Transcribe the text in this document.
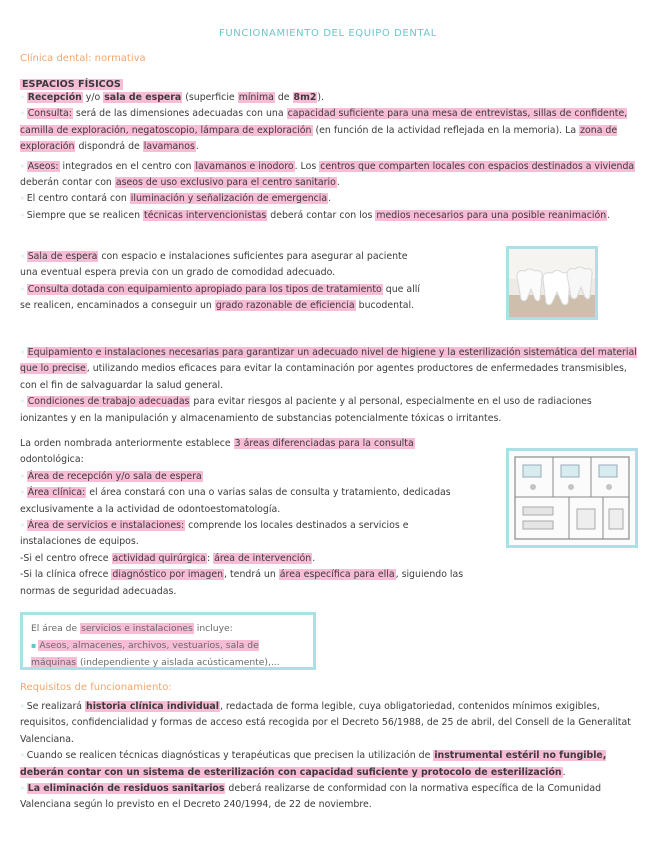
FUNCIONAMIENTO DEL EQUIPO DENTAL
Clínica dental: normativa
ESPACIOS FÍSICOS
◦ Recepción y/o sala de espera (superficie mínima de 8m2).
◦ Consulta: será de las dimensiones adecuadas con una capacidad suficiente para una mesa de entrevistas, sillas de confidente, camilla de exploración, negatoscopio, lámpara de exploración (en función de la actividad reflejada en la memoria). La zona de exploración dispondrá de lavamanos.
◦ Aseos: integrados en el centro con lavamanos e inodoro. Los centros que comparten locales con espacios destinados a vivienda deberán contar con aseos de uso exclusivo para el centro sanitario.
◦ El centro contará con iluminación y señalización de emergencia.
◦ Siempre que se realicen técnicas intervencionistas deberá contar con los medios necesarios para una posible reanimación.
◦ Sala de espera con espacio e instalaciones suficientes para asegurar al paciente una eventual espera previa con un grado de comodidad adecuado.
◦ Consulta dotada con equipamiento apropiado para los tipos de tratamiento que allí se realicen, encaminados a conseguir un grado razonable de eficiencia bucodental.
◦ Equipamiento e instalaciones necesarias para garantizar un adecuado nivel de higiene y la esterilización sistemática del material que lo precise, utilizando medios eficaces para evitar la contaminación por agentes productores de enfermedades transmisibles, con el fin de salvaguardar la salud general.
◦ Condiciones de trabajo adecuadas para evitar riesgos al paciente y al personal, especialmente en el uso de radiaciones ionizantes y en la manipulación y almacenamiento de substancias potencialmente tóxicas o irritantes.
La orden nombrada anteriormente establece 3 áreas diferenciadas para la consulta odontológica:
◦ Área de recepción y/o sala de espera
◦ Área clínica: el área constará con una o varias salas de consulta y tratamiento, dedicadas exclusivamente a la actividad de odontoestomatología.
◦ Área de servicios e instalaciones: comprende los locales destinados a servicios e instalaciones de equipos.
-Si el centro ofrece actividad quirúrgica: área de intervención.
-Si la clínica ofrece diagnóstico por imagen, tendrá un área específica para ella, siguiendo las normas de seguridad adecuadas.
El área de servicios e instalaciones incluye:
▪ Aseos, almacenes, archivos, vestuarios, sala de máquinas (independiente y aislada acústicamente),...
Requisitos de funcionamiento:
◦ Se realizará historia clínica individual, redactada de forma legible, cuya obligatoriedad, contenidos mínimos exigibles, requisitos, confidencialidad y formas de acceso está recogida por el Decreto 56/1988, de 25 de abril, del Consell de la Generalitat Valenciana.
◦ Cuando se realicen técnicas diagnósticas y terapéuticas que precisen la utilización de instrumental estéril no fungible, deberán contar con un sistema de esterilización con capacidad suficiente y protocolo de esterilización.
◦ La eliminación de residuos sanitarios deberá realizarse de conformidad con la normativa específica de la Comunidad Valenciana según lo previsto en el Decreto 240/1994, de 22 de noviembre.
